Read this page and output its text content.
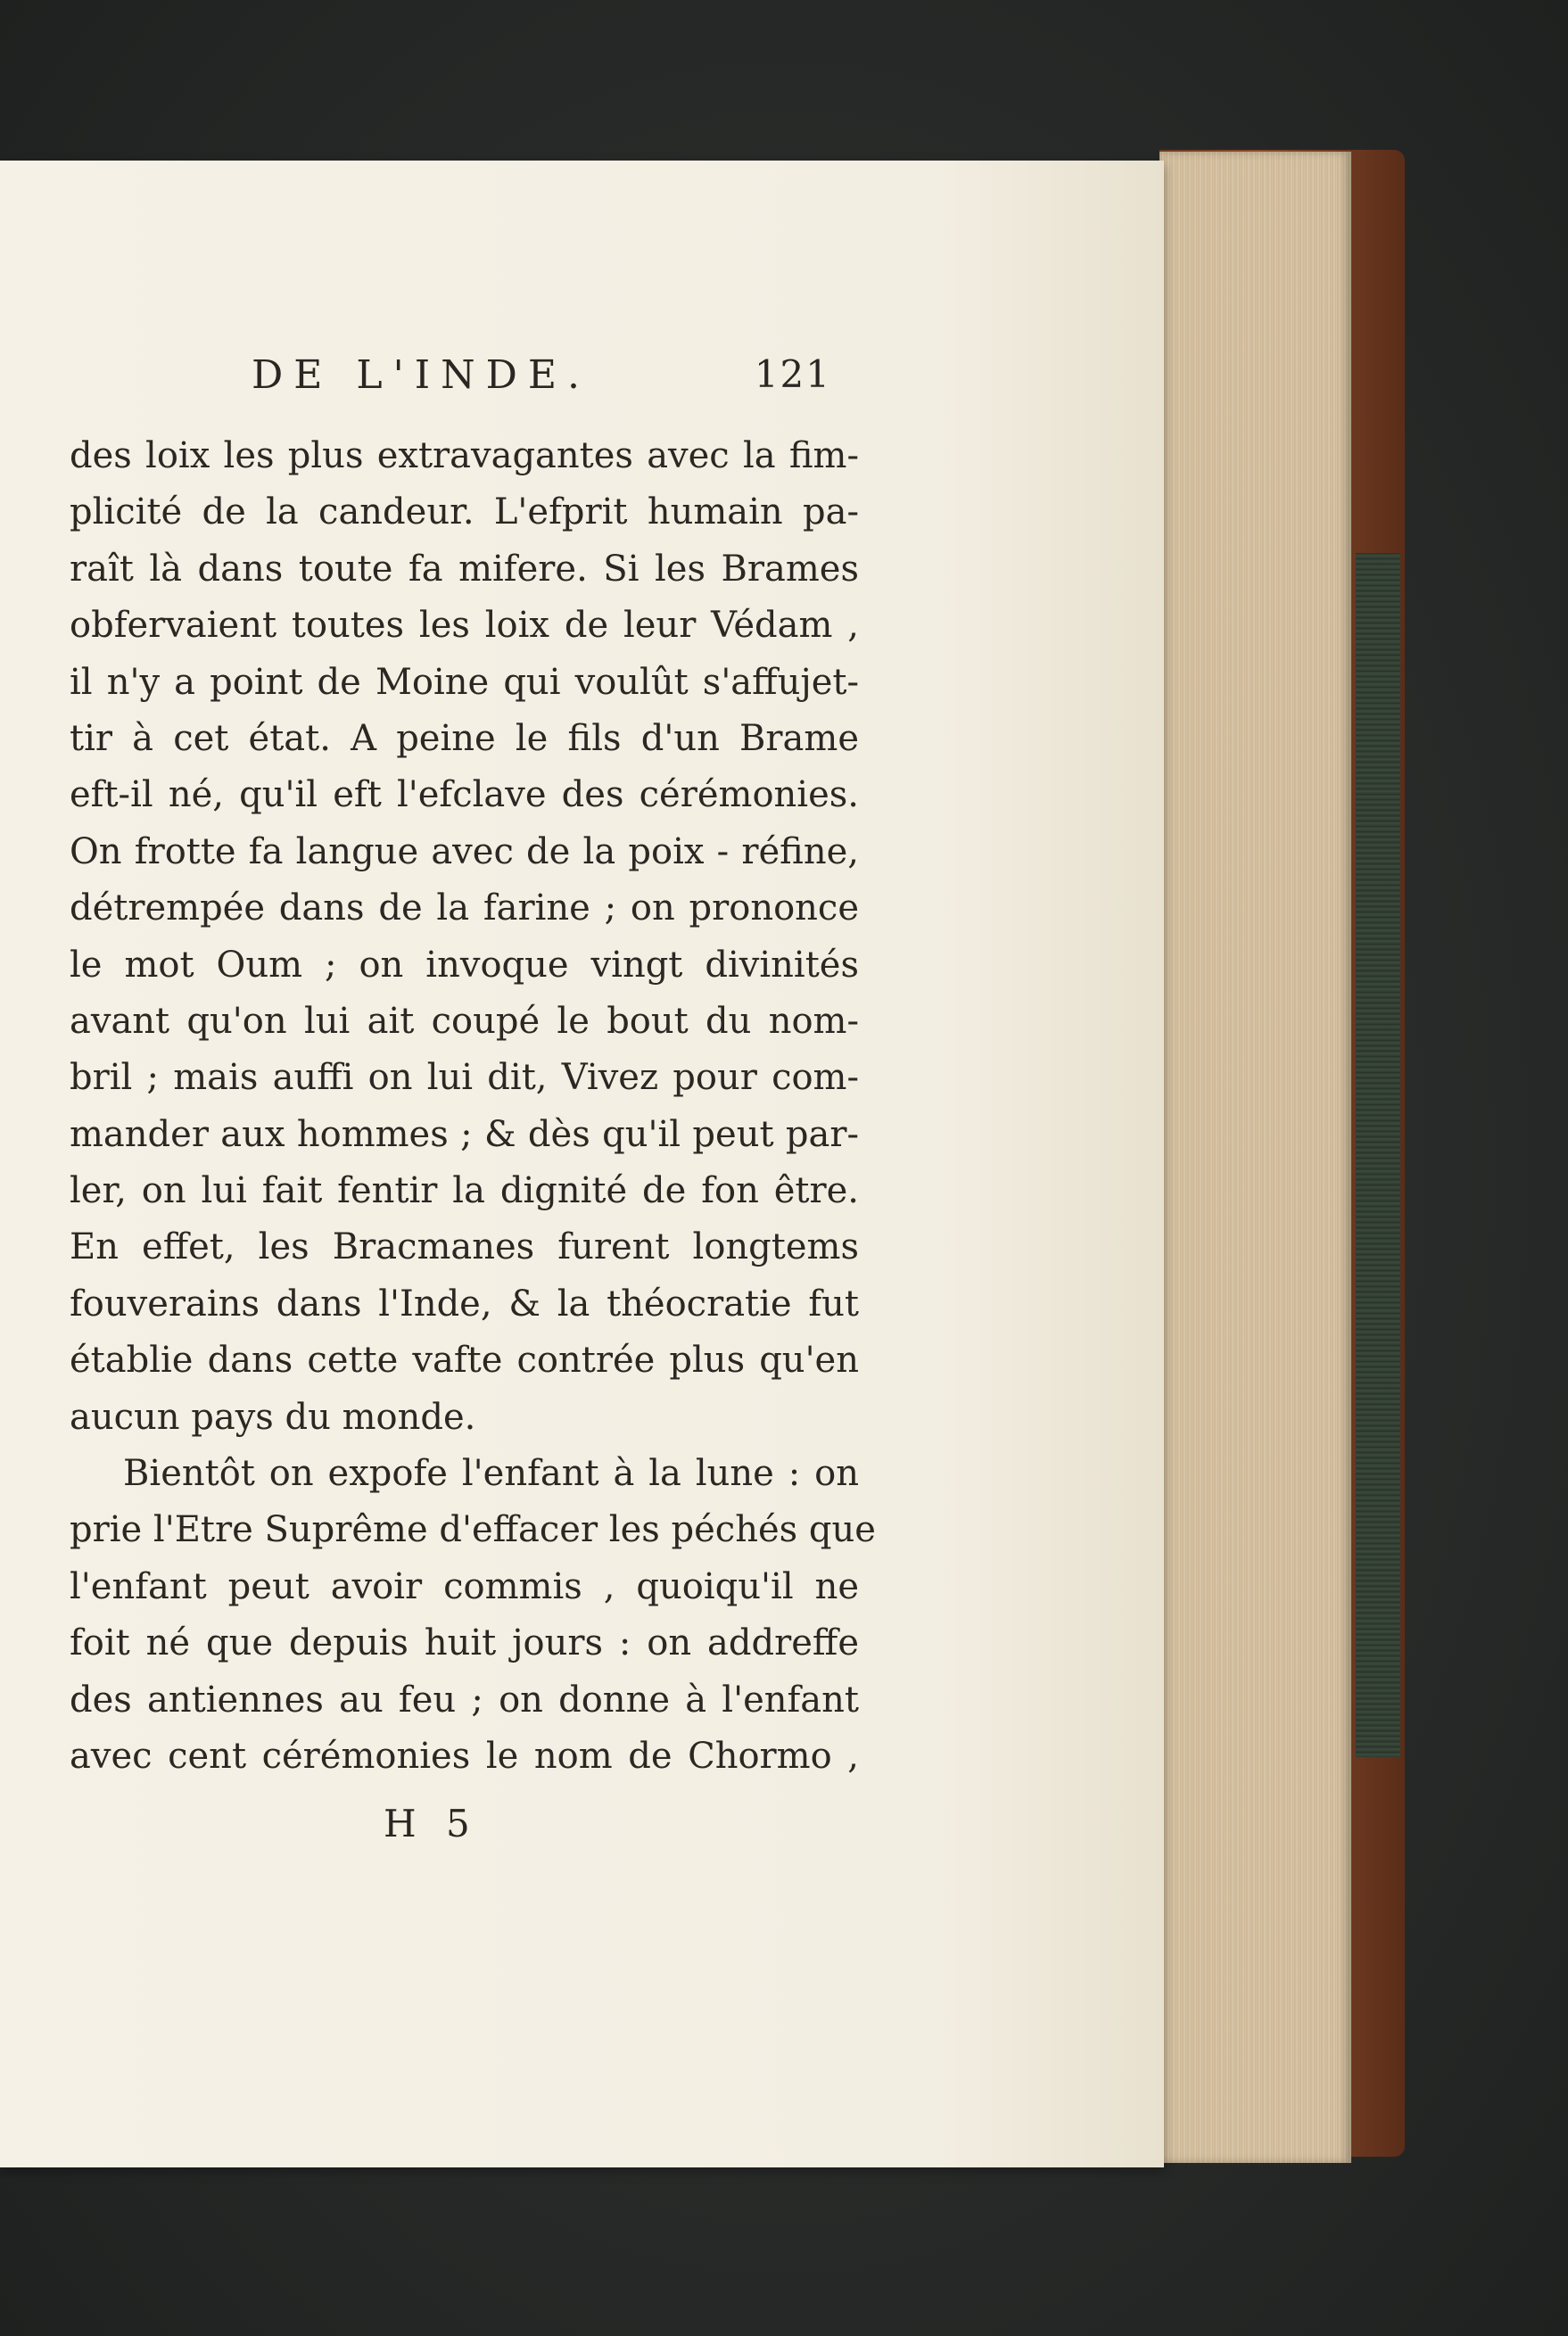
DE L'INDE.	121
des loix les plus extravagantes avec la fim-
plicité de la candeur. L'efprit humain pa-
raît là dans toute fa mifere. Si les Brames
obfervaient toutes les loix de leur Védam ,
il n'y a point de Moine qui voulût s'affujet-
tir à cet état. A peine le fils d'un Brame
eft-il né, qu'il eft l'efclave des cérémonies.
On frotte fa langue avec de la poix - réfine,
détrempée dans de la farine ; on prononce
le mot Oum ; on invoque vingt divinités
avant qu'on lui ait coupé le bout du nom-
bril ; mais auffi on lui dit, Vivez pour com-
mander aux hommes ; & dès qu'il peut par-
ler, on lui fait fentir la dignité de fon être.
En effet, les Bracmanes furent longtems
fouverains dans l'Inde, & la théocratie fut
établie dans cette vafte contrée plus qu'en
aucun pays du monde.
Bientôt on expofe l'enfant à la lune : on
prie l'Etre Suprême d'effacer les péchés que
l'enfant peut avoir commis , quoiqu'il ne
foit né que depuis huit jours : on addreffe
des antiennes au feu ; on donne à l'enfant
avec cent cérémonies le nom de Chormo ,
H 5
